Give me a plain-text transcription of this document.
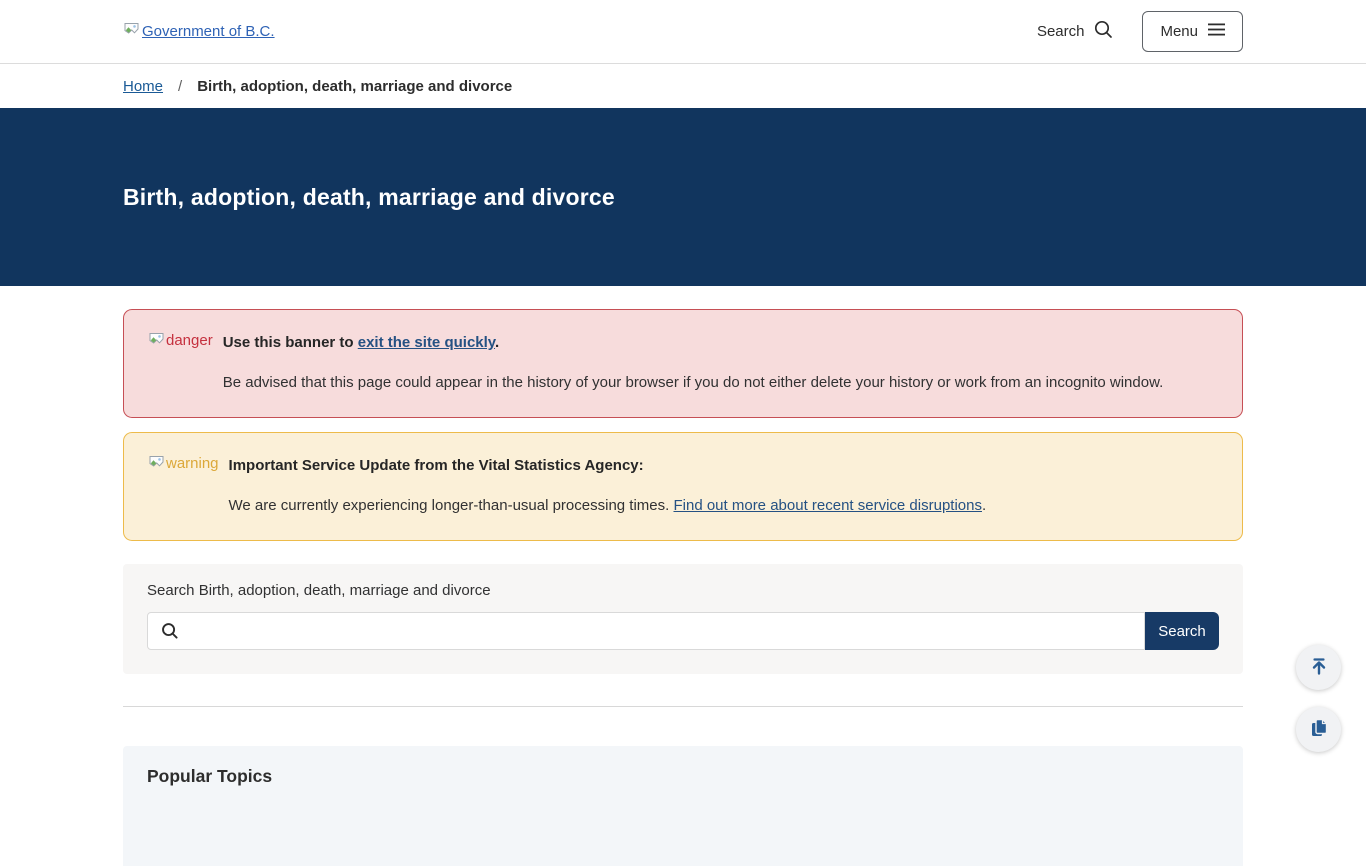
Government of B.C.	Search	Menu
Home / Birth, adoption, death, marriage and divorce
Birth, adoption, death, marriage and divorce
danger Use this banner to exit the site quickly.

Be advised that this page could appear in the history of your browser if you do not either delete your history or work from an incognito window.

warning Important Service Update from the Vital Statistics Agency:

We are currently experiencing longer-than-usual processing times. Find out more about recent service disruptions.

Search Birth, adoption, death, marriage and divorce
Search
Popular Topics
